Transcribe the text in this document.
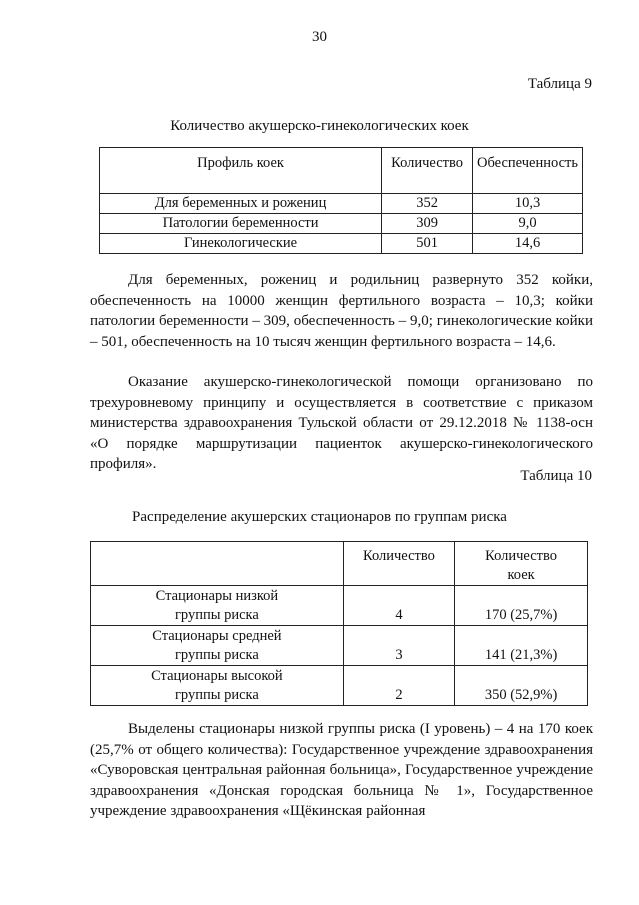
30
Таблица 9
Количество акушерско-гинекологических коек
Профиль коек	Количество	Обеспеченность
Для беременных и рожениц	352	10,3
Патологии беременности	309	9,0
Гинекологические	501	14,6

Для беременных, рожениц и родильниц развернуто 352 койки, обеспеченность на 10000 женщин фертильного возраста – 10,3; койки патологии беременности – 309, обеспеченность – 9,0; гинекологические койки – 501, обеспеченность на 10 тысяч женщин фертильного возраста – 14,6.

Оказание акушерско-гинекологической помощи организовано по трехуровневому принципу и осуществляется в соответствие с приказом министерства здравоохранения Тульской области от 29.12.2018 № 1138-осн «О порядке маршрутизации пациенток акушерско-гинекологического профиля».

Таблица 10
Распределение акушерских стационаров по группам риска
	Количество	Количество коек
Стационары низкой группы риска	4	170 (25,7%)
Стационары средней группы риска	3	141 (21,3%)
Стационары высокой группы риска	2	350 (52,9%)

Выделены стационары низкой группы риска (I уровень) – 4 на 170 коек (25,7% от общего количества): Государственное учреждение здравоохранения «Суворовская центральная районная больница», Государственное учреждение здравоохранения «Донская городская больница № 1», Государственное учреждение здравоохранения «Щёкинская районная
